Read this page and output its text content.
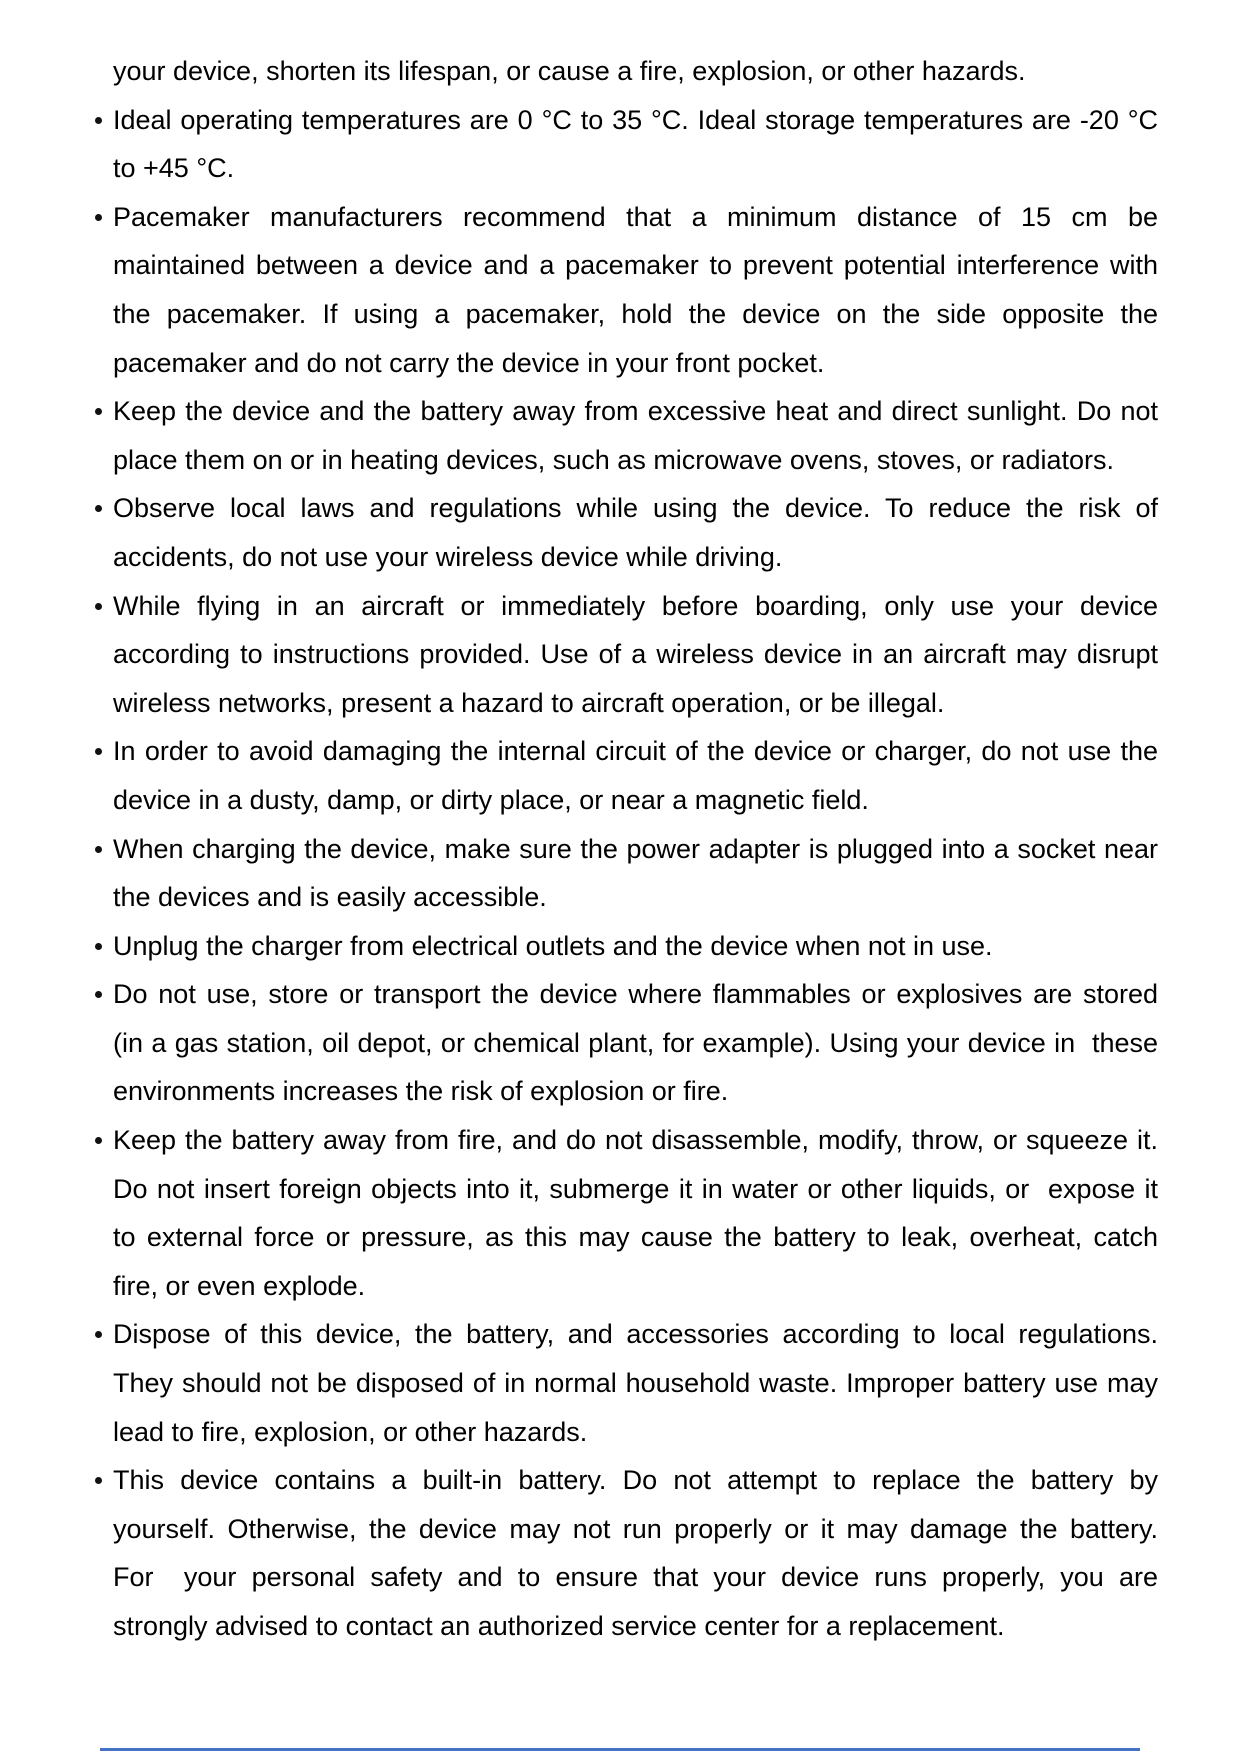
your device, shorten its lifespan, or cause a fire, explosion, or other hazards.
Ideal operating temperatures are 0 °C to 35 °C. Ideal storage temperatures are -20 °C
to +45 °C.
Pacemaker manufacturers recommend that a minimum distance of 15 cm be
maintained between a device and a pacemaker to prevent potential interference with
the pacemaker. If using a pacemaker, hold the device on the side opposite the
pacemaker and do not carry the device in your front pocket.
Keep the device and the battery away from excessive heat and direct sunlight. Do not
place them on or in heating devices, such as microwave ovens, stoves, or radiators.
Observe local laws and regulations while using the device. To reduce the risk of
accidents, do not use your wireless device while driving.
While flying in an aircraft or immediately before boarding, only use your device
according to instructions provided. Use of a wireless device in an aircraft may disrupt
wireless networks, present a hazard to aircraft operation, or be illegal.
In order to avoid damaging the internal circuit of the device or charger, do not use the
device in a dusty, damp, or dirty place, or near a magnetic field.
When charging the device, make sure the power adapter is plugged into a socket near
the devices and is easily accessible.
Unplug the charger from electrical outlets and the device when not in use.
Do not use, store or transport the device where flammables or explosives are stored
(in a gas station, oil depot, or chemical plant, for example). Using your device in  these
environments increases the risk of explosion or fire.
Keep the battery away from fire, and do not disassemble, modify, throw, or squeeze it.
Do not insert foreign objects into it, submerge it in water or other liquids, or  expose it
to external force or pressure, as this may cause the battery to leak, overheat, catch
fire, or even explode.
Dispose of this device, the battery, and accessories according to local regulations.
They should not be disposed of in normal household waste. Improper battery use may
lead to fire, explosion, or other hazards.
This device contains a built-in battery. Do not attempt to replace the battery by
yourself. Otherwise, the device may not run properly or it may damage the battery.
For  your personal safety and to ensure that your device runs properly, you are
strongly advised to contact an authorized service center for a replacement.
